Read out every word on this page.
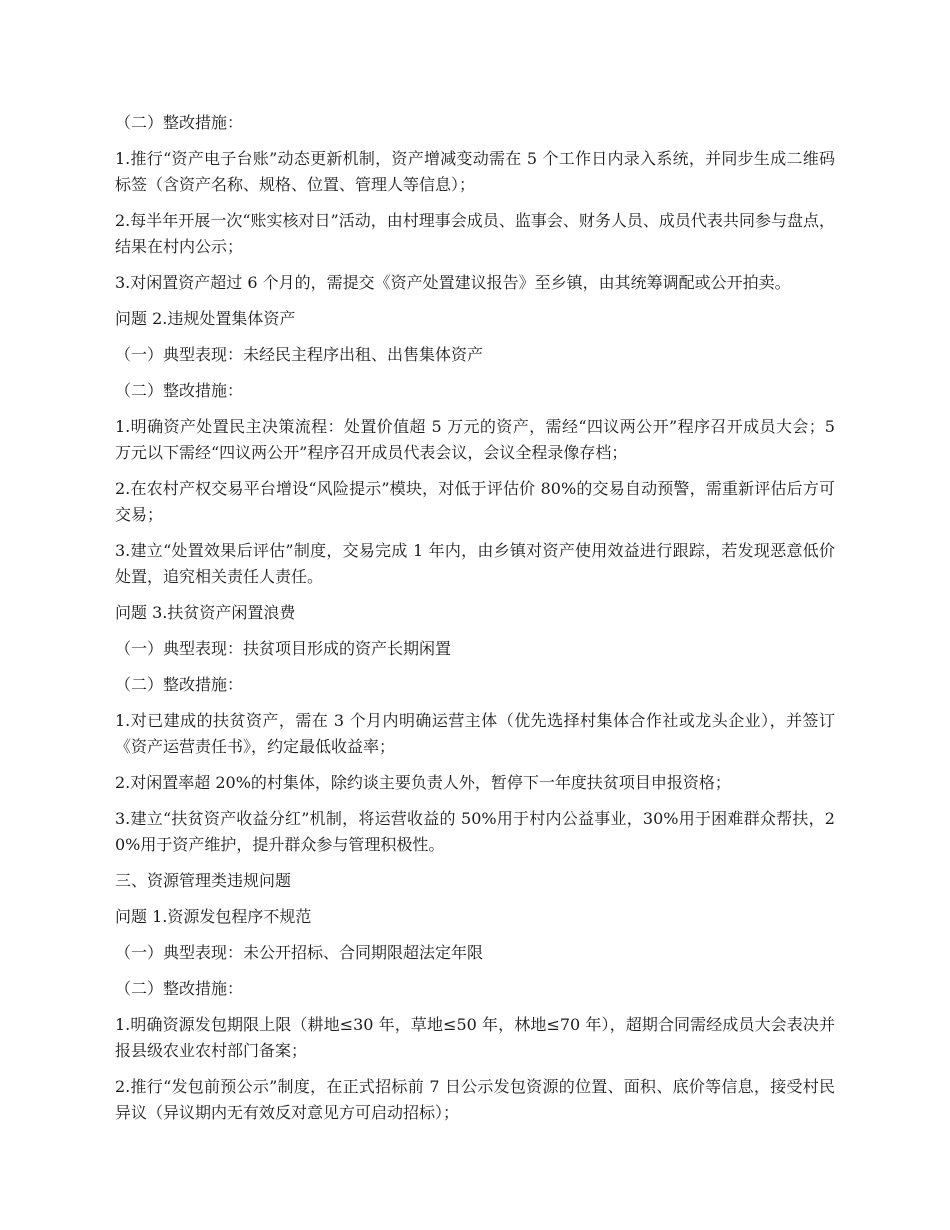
（二）整改措施：

1.推行“资产电子台账”动态更新机制，资产增减变动需在 5 个工作日内录入系统，并同步生成二维码标签（含资产名称、规格、位置、管理人等信息）；

2.每半年开展一次“账实核对日”活动，由村理事会成员、监事会、财务人员、成员代表共同参与盘点，结果在村内公示；

3.对闲置资产超过 6 个月的，需提交《资产处置建议报告》至乡镇，由其统筹调配或公开拍卖。

问题 2.违规处置集体资产

（一）典型表现：未经民主程序出租、出售集体资产

（二）整改措施：

1.明确资产处置民主决策流程：处置价值超 5 万元的资产，需经“四议两公开”程序召开成员大会；5 万元以下需经“四议两公开”程序召开成员代表会议，会议全程录像存档；

2.在农村产权交易平台增设“风险提示”模块，对低于评估价 80%的交易自动预警，需重新评估后方可交易；

3.建立“处置效果后评估”制度，交易完成 1 年内，由乡镇对资产使用效益进行跟踪，若发现恶意低价处置，追究相关责任人责任。

问题 3.扶贫资产闲置浪费

（一）典型表现：扶贫项目形成的资产长期闲置

（二）整改措施：

1.对已建成的扶贫资产，需在 3 个月内明确运营主体（优先选择村集体合作社或龙头企业），并签订《资产运营责任书》，约定最低收益率；

2.对闲置率超 20%的村集体，除约谈主要负责人外，暂停下一年度扶贫项目申报资格；

3.建立“扶贫资产收益分红”机制，将运营收益的 50%用于村内公益事业，30%用于困难群众帮扶，20%用于资产维护，提升群众参与管理积极性。

三、资源管理类违规问题

问题 1.资源发包程序不规范

（一）典型表现：未公开招标、合同期限超法定年限

（二）整改措施：

1.明确资源发包期限上限（耕地≤30 年，草地≤50 年，林地≤70 年），超期合同需经成员大会表决并报县级农业农村部门备案；

2.推行“发包前预公示”制度，在正式招标前 7 日公示发包资源的位置、面积、底价等信息，接受村民异议（异议期内无有效反对意见方可启动招标）；
